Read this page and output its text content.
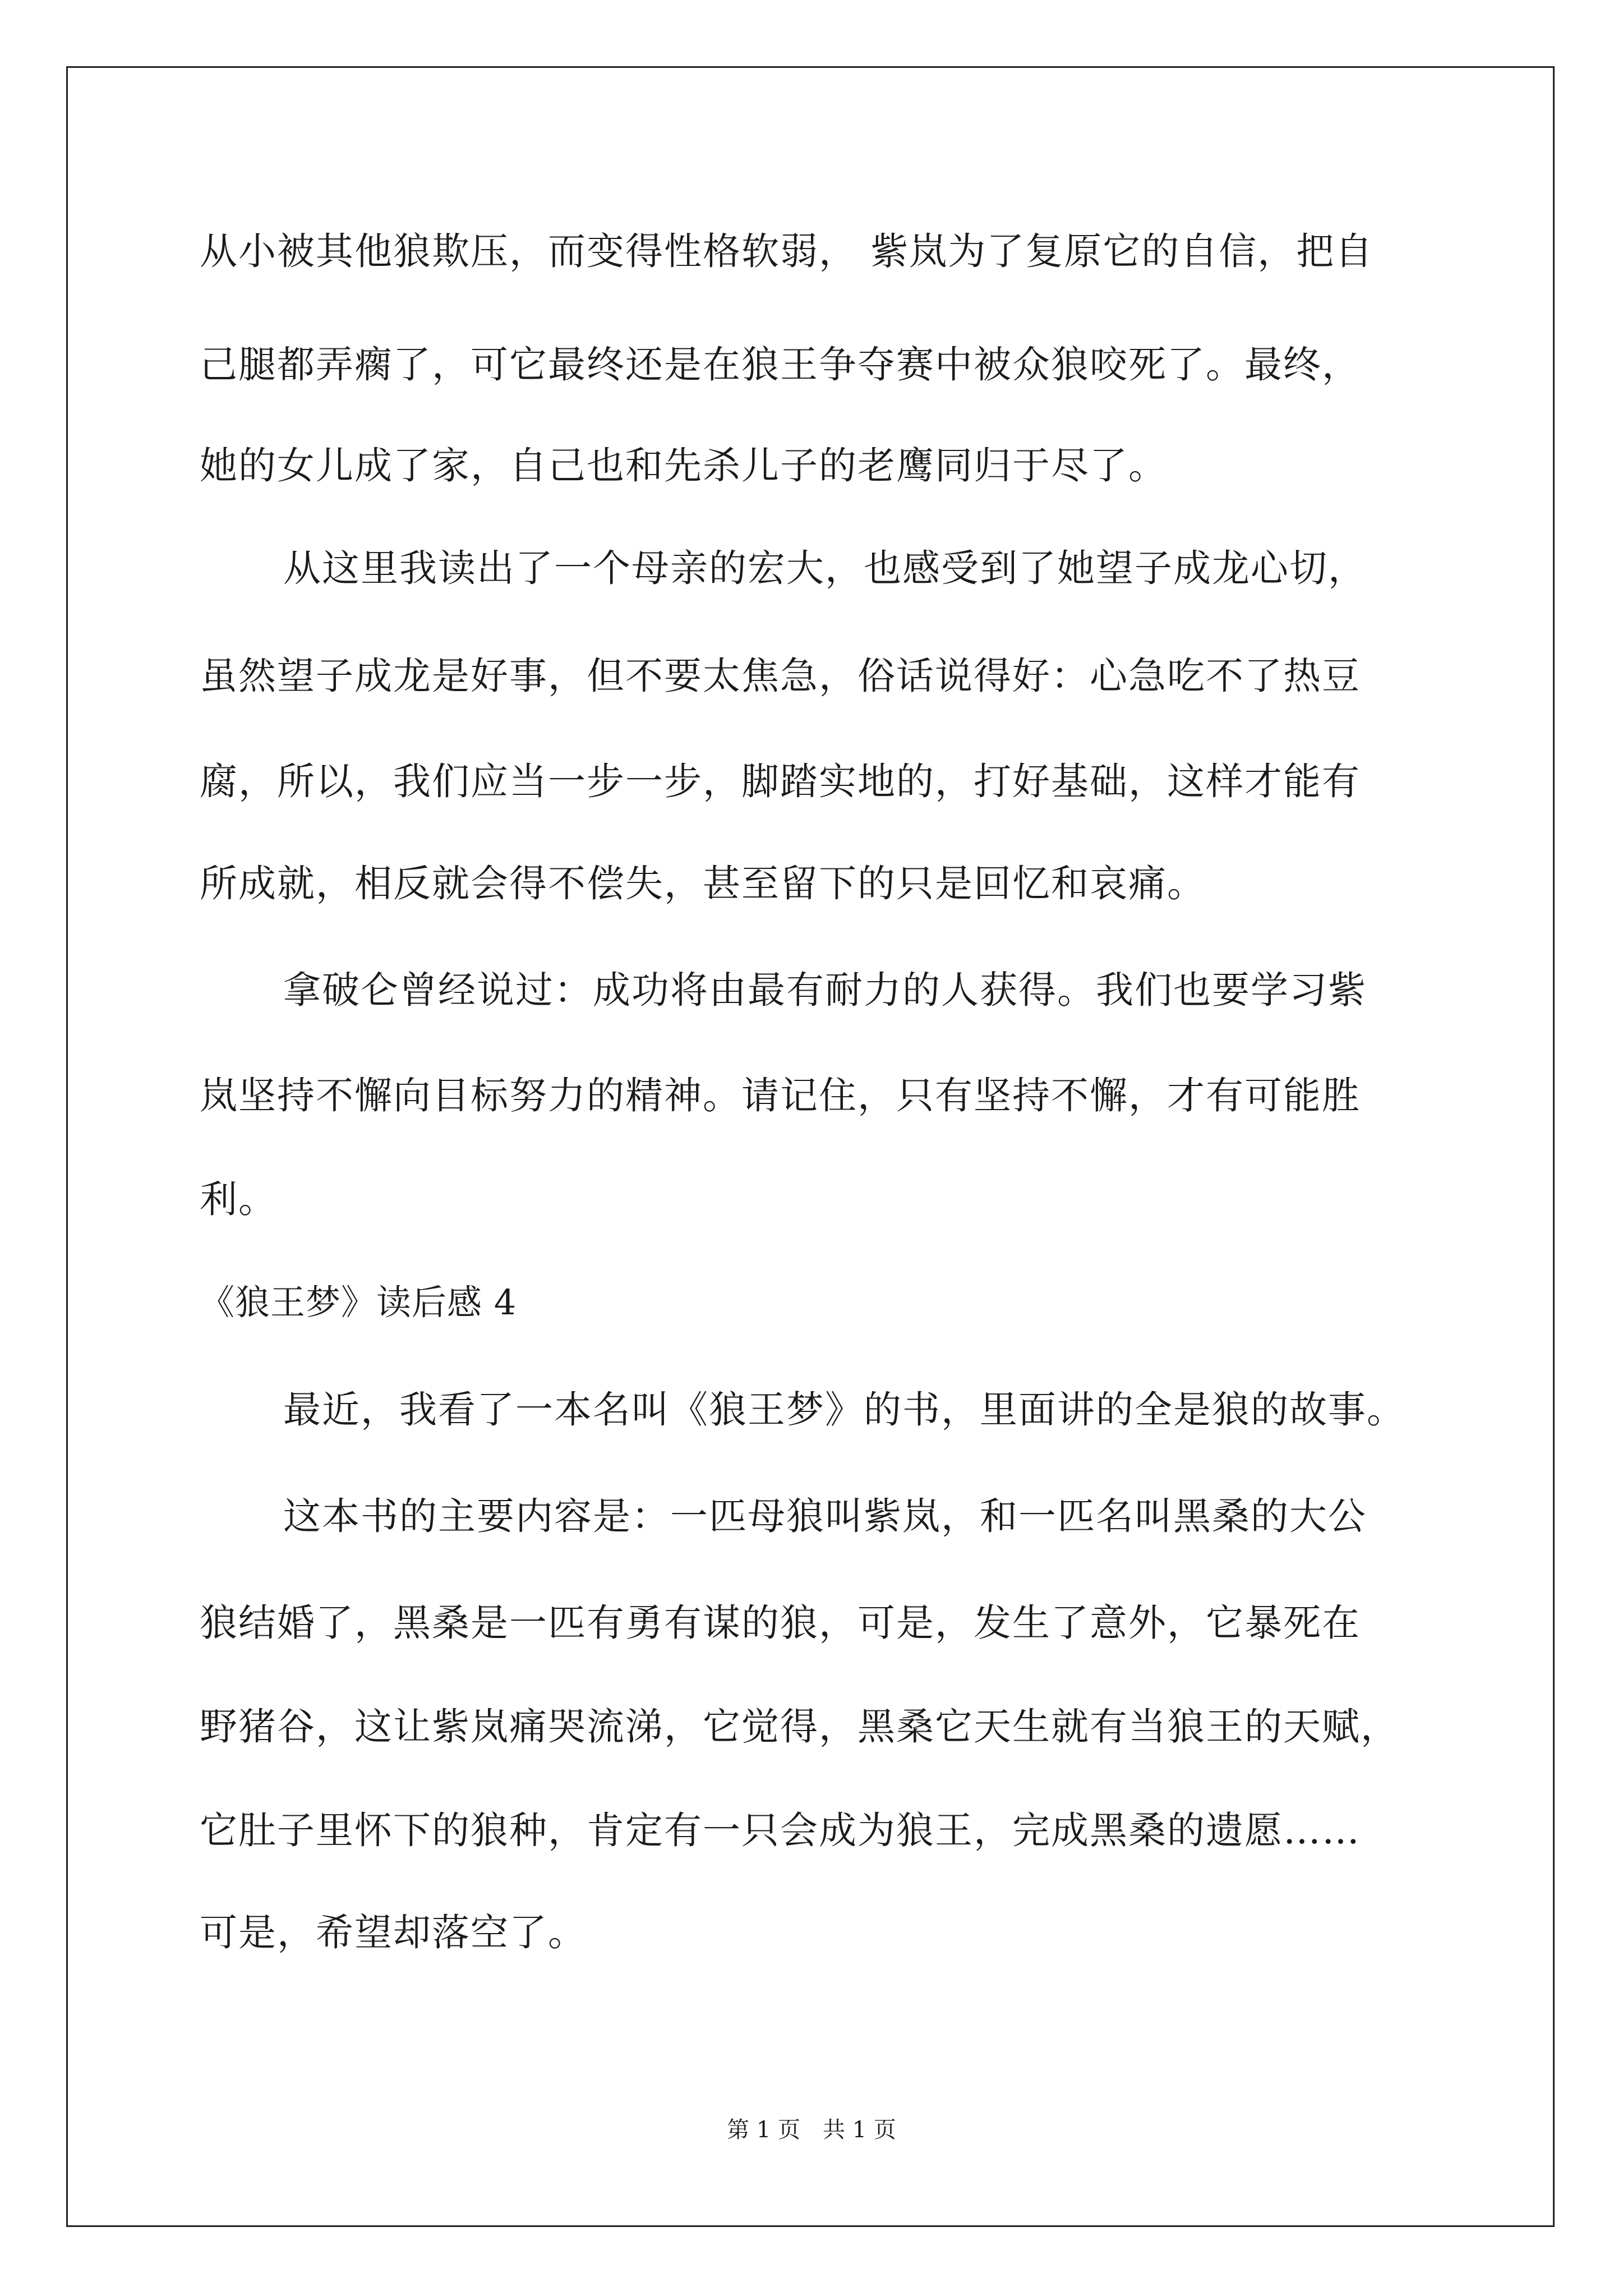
从小被其他狼欺压，而变得性格软弱， 紫岚为了复原它的自信，把自
己腿都弄瘸了，可它最终还是在狼王争夺赛中被众狼咬死了。最终，
她的女儿成了家，自己也和先杀儿子的老鹰同归于尽了。
从这里我读出了一个母亲的宏大，也感受到了她望子成龙心切，
虽然望子成龙是好事，但不要太焦急，俗话说得好：心急吃不了热豆
腐，所以，我们应当一步一步，脚踏实地的，打好基础，这样才能有
所成就，相反就会得不偿失，甚至留下的只是回忆和哀痛。
拿破仑曾经说过：成功将由最有耐力的人获得。我们也要学习紫
岚坚持不懈向目标努力的精神。请记住，只有坚持不懈，才有可能胜
利。
《狼王梦》读后感 4
最近，我看了一本名叫《狼王梦》的书，里面讲的全是狼的故事。
这本书的主要内容是：一匹母狼叫紫岚，和一匹名叫黑桑的大公
狼结婚了，黑桑是一匹有勇有谋的狼，可是，发生了意外，它暴死在
野猪谷，这让紫岚痛哭流涕，它觉得，黑桑它天生就有当狼王的天赋，
它肚子里怀下的狼种，肯定有一只会成为狼王，完成黑桑的遗愿……
可是，希望却落空了。
第 1 页 共 1 页
